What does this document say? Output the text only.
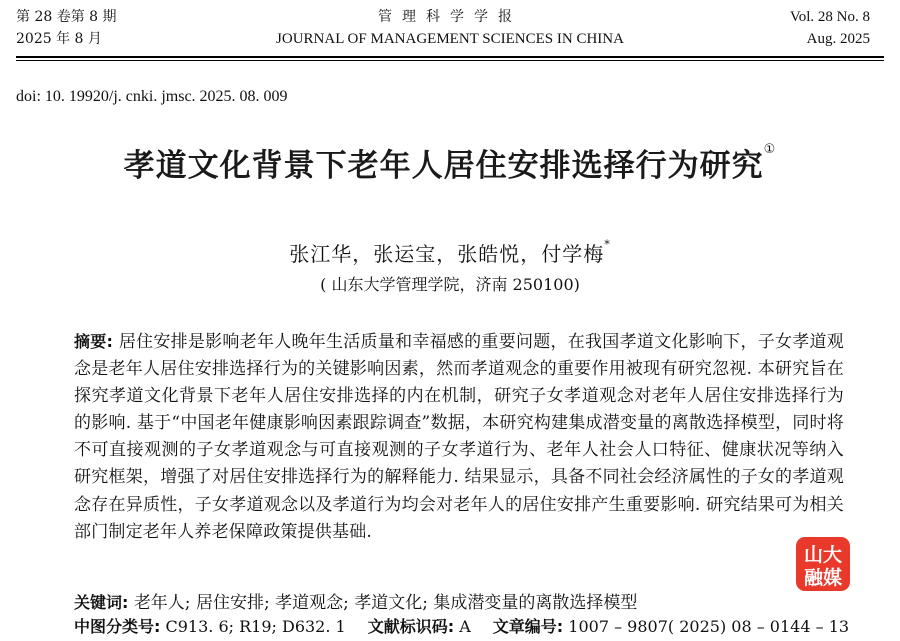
第 28 卷第 8 期
2025 年 8 月
管理科学学报
JOURNAL OF MANAGEMENT SCIENCES IN CHINA
Vol. 28 No. 8
Aug. 2025
doi: 10. 19920/j. cnki. jmsc. 2025. 08. 009
孝道文化背景下老年人居住安排选择行为研究①
张江华，张运宝，张皓悦，付学梅*
( 山东大学管理学院，济南 250100)
摘要: 居住安排是影响老年人晚年生活质量和幸福感的重要问题，在我国孝道文化影响下，子女孝道观念是老年人居住安排选择行为的关键影响因素，然而孝道观念的重要作用被现有研究忽视. 本研究旨在探究孝道文化背景下老年人居住安排选择的内在机制，研究子女孝道观念对老年人居住安排选择行为的影响. 基于“中国老年健康影响因素跟踪调查”数据，本研究构建集成潜变量的离散选择模型，同时将不可直接观测的子女孝道观念与可直接观测的子女孝道行为、老年人社会人口特征、健康状况等纳入研究框架，增强了对居住安排选择行为的解释能力. 结果显示，具备不同社会经济属性的子女的孝道观念存在异质性，子女孝道观念以及孝道行为均会对老年人的居住安排产生重要影响. 研究结果可为相关部门制定老年人养老保障政策提供基础.
关键词: 老年人; 居住安排; 孝道观念; 孝道文化; 集成潜变量的离散选择模型
中图分类号: C913. 6; R19; D632. 1 文献标识码: A 文章编号: 1007 – 9807( 2025) 08 – 0144 – 13
山大
融媒
